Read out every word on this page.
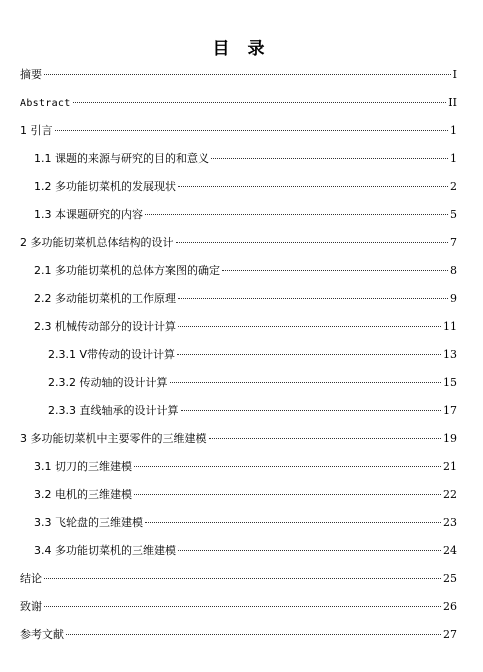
目 录
摘要	I
Abstract	II
1 引言	1
1.1 课题的来源与研究的目的和意义	1
1.2 多功能切菜机的发展现状	2
1.3 本课题研究的内容	5
2 多功能切菜机总体结构的设计	7
2.1 多功能切菜机的总体方案图的确定	8
2.2 多动能切菜机的工作原理	9
2.3 机械传动部分的设计计算	11
2.3.1 V带传动的设计计算	13
2.3.2 传动轴的设计计算	15
2.3.3 直线轴承的设计计算	17
3 多功能切菜机中主要零件的三维建模	19
3.1 切刀的三维建模	21
3.2 电机的三维建模	22
3.3 飞轮盘的三维建模	23
3.4 多功能切菜机的三维建模	24
结论	25
致谢	26
参考文献	27
